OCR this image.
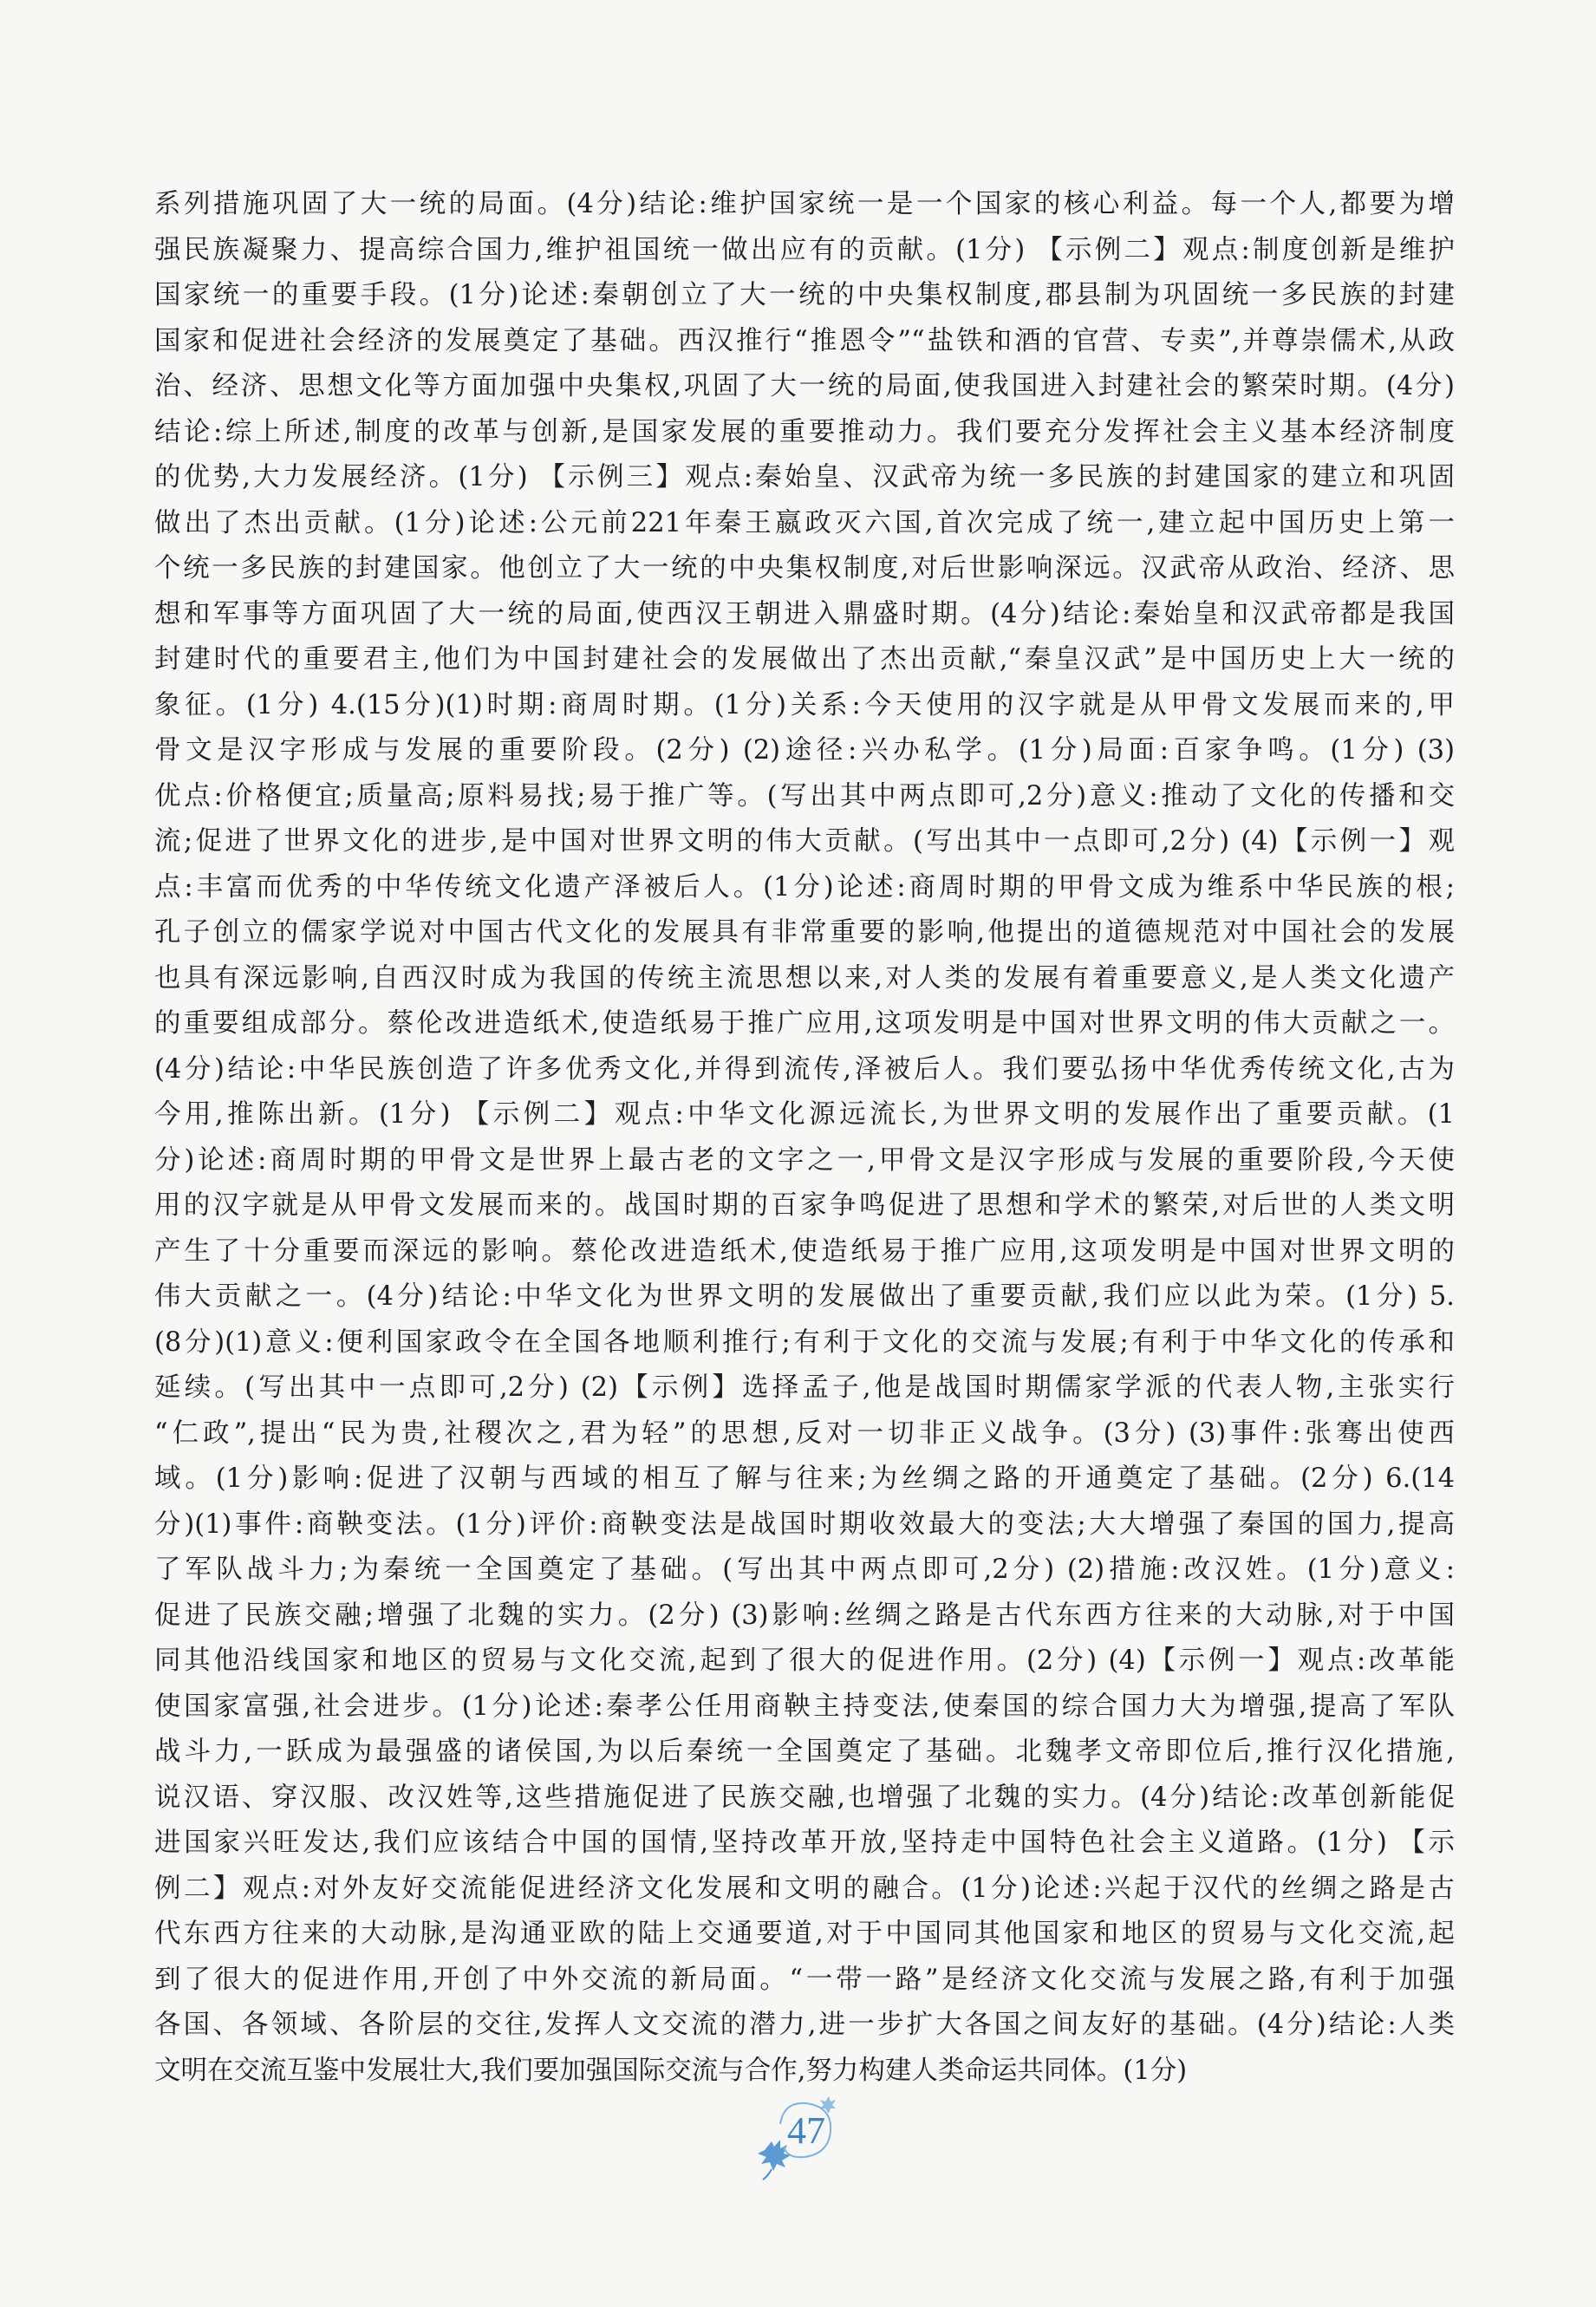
系列措施巩固了大一统的局面。(4分)结论:维护国家统一是一个国家的核心利益。每一个人,都要为增
强民族凝聚力、提高综合国力,维护祖国统一做出应有的贡献。(1分) 【示例二】观点:制度创新是维护
国家统一的重要手段。(1分)论述:秦朝创立了大一统的中央集权制度,郡县制为巩固统一多民族的封建
国家和促进社会经济的发展奠定了基础。西汉推行“推恩令”“盐铁和酒的官营、专卖”,并尊崇儒术,从政
治、经济、思想文化等方面加强中央集权,巩固了大一统的局面,使我国进入封建社会的繁荣时期。(4分)
结论:综上所述,制度的改革与创新,是国家发展的重要推动力。我们要充分发挥社会主义基本经济制度
的优势,大力发展经济。(1分) 【示例三】观点:秦始皇、汉武帝为统一多民族的封建国家的建立和巩固
做出了杰出贡献。(1分)论述:公元前221年秦王嬴政灭六国,首次完成了统一,建立起中国历史上第一
个统一多民族的封建国家。他创立了大一统的中央集权制度,对后世影响深远。汉武帝从政治、经济、思
想和军事等方面巩固了大一统的局面,使西汉王朝进入鼎盛时期。(4分)结论:秦始皇和汉武帝都是我国
封建时代的重要君主,他们为中国封建社会的发展做出了杰出贡献,“秦皇汉武”是中国历史上大一统的
象征。(1分) 4.(15分)(1)时期:商周时期。(1分)关系:今天使用的汉字就是从甲骨文发展而来的,甲
骨文是汉字形成与发展的重要阶段。(2分) (2)途径:兴办私学。(1分)局面:百家争鸣。(1分) (3)
优点:价格便宜;质量高;原料易找;易于推广等。(写出其中两点即可,2分)意义:推动了文化的传播和交
流;促进了世界文化的进步,是中国对世界文明的伟大贡献。(写出其中一点即可,2分) (4)【示例一】观
点:丰富而优秀的中华传统文化遗产泽被后人。(1分)论述:商周时期的甲骨文成为维系中华民族的根;
孔子创立的儒家学说对中国古代文化的发展具有非常重要的影响,他提出的道德规范对中国社会的发展
也具有深远影响,自西汉时成为我国的传统主流思想以来,对人类的发展有着重要意义,是人类文化遗产
的重要组成部分。蔡伦改进造纸术,使造纸易于推广应用,这项发明是中国对世界文明的伟大贡献之一。
(4分)结论:中华民族创造了许多优秀文化,并得到流传,泽被后人。我们要弘扬中华优秀传统文化,古为
今用,推陈出新。(1分) 【示例二】观点:中华文化源远流长,为世界文明的发展作出了重要贡献。(1
分)论述:商周时期的甲骨文是世界上最古老的文字之一,甲骨文是汉字形成与发展的重要阶段,今天使
用的汉字就是从甲骨文发展而来的。战国时期的百家争鸣促进了思想和学术的繁荣,对后世的人类文明
产生了十分重要而深远的影响。蔡伦改进造纸术,使造纸易于推广应用,这项发明是中国对世界文明的
伟大贡献之一。(4分)结论:中华文化为世界文明的发展做出了重要贡献,我们应以此为荣。(1分) 5.
(8分)(1)意义:便利国家政令在全国各地顺利推行;有利于文化的交流与发展;有利于中华文化的传承和
延续。(写出其中一点即可,2分) (2)【示例】选择孟子,他是战国时期儒家学派的代表人物,主张实行
“仁政”,提出“民为贵,社稷次之,君为轻”的思想,反对一切非正义战争。(3分) (3)事件:张骞出使西
域。(1分)影响:促进了汉朝与西域的相互了解与往来;为丝绸之路的开通奠定了基础。(2分) 6.(14
分)(1)事件:商鞅变法。(1分)评价:商鞅变法是战国时期收效最大的变法;大大增强了秦国的国力,提高
了军队战斗力;为秦统一全国奠定了基础。(写出其中两点即可,2分) (2)措施:改汉姓。(1分)意义:
促进了民族交融;增强了北魏的实力。(2分) (3)影响:丝绸之路是古代东西方往来的大动脉,对于中国
同其他沿线国家和地区的贸易与文化交流,起到了很大的促进作用。(2分) (4)【示例一】观点:改革能
使国家富强,社会进步。(1分)论述:秦孝公任用商鞅主持变法,使秦国的综合国力大为增强,提高了军队
战斗力,一跃成为最强盛的诸侯国,为以后秦统一全国奠定了基础。北魏孝文帝即位后,推行汉化措施,
说汉语、穿汉服、改汉姓等,这些措施促进了民族交融,也增强了北魏的实力。(4分)结论:改革创新能促
进国家兴旺发达,我们应该结合中国的国情,坚持改革开放,坚持走中国特色社会主义道路。(1分) 【示
例二】观点:对外友好交流能促进经济文化发展和文明的融合。(1分)论述:兴起于汉代的丝绸之路是古
代东西方往来的大动脉,是沟通亚欧的陆上交通要道,对于中国同其他国家和地区的贸易与文化交流,起
到了很大的促进作用,开创了中外交流的新局面。“一带一路”是经济文化交流与发展之路,有利于加强
各国、各领域、各阶层的交往,发挥人文交流的潜力,进一步扩大各国之间友好的基础。(4分)结论:人类
文明在交流互鉴中发展壮大,我们要加强国际交流与合作,努力构建人类命运共同体。(1分)
47
